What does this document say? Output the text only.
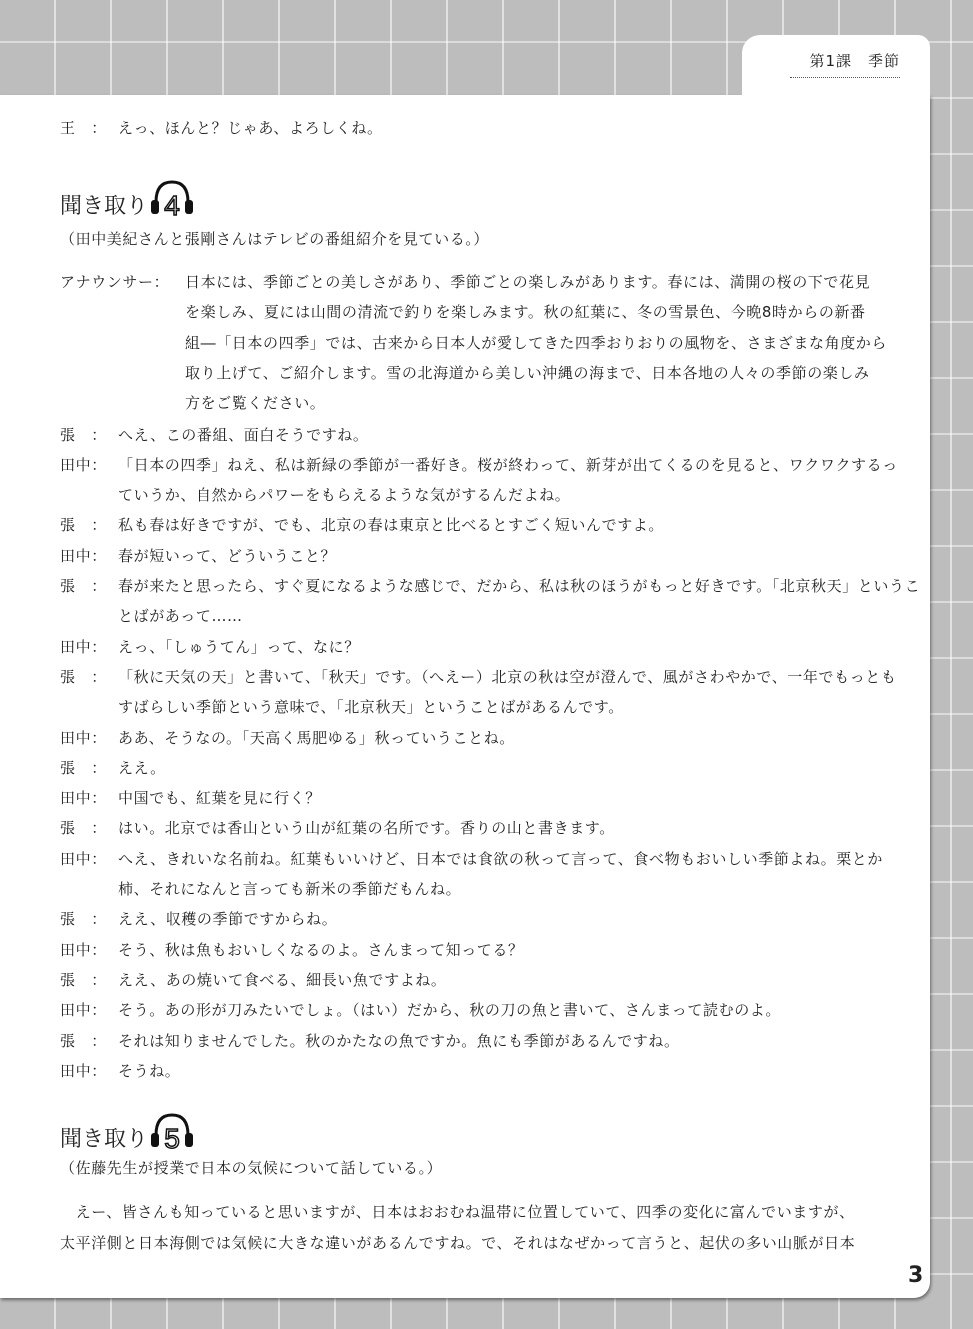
第1課　季節
王　： えっ、ほんと？じゃあ、よろしくね。
聞き取り 4
（田中美紀さんと張剛さんはテレビの番組紹介を見ている。）
アナウンサー： 日本には、季節ごとの美しさがあり、季節ごとの楽しみがあります。春には、満開の桜の下で花見
を楽しみ、夏には山間の清流で釣りを楽しみます。秋の紅葉に、冬の雪景色、今晩8時からの新番
組―「日本の四季」では、古来から日本人が愛してきた四季おりおりの風物を、さまざまな角度から
取り上げて、ご紹介します。雪の北海道から美しい沖縄の海まで、日本各地の人々の季節の楽しみ
方をご覧ください。
張　： へえ、この番組、面白そうですね。
田中： 「日本の四季」ねえ、私は新緑の季節が一番好き。桜が終わって、新芽が出てくるのを見ると、ワクワクするっ
ていうか、自然からパワーをもらえるような気がするんだよね。
張　： 私も春は好きですが、でも、北京の春は東京と比べるとすごく短いんですよ。
田中： 春が短いって、どういうこと？
張　： 春が来たと思ったら、すぐ夏になるような感じで、だから、私は秋のほうがもっと好きです。「北京秋天」というこ
とばがあって……
田中： えっ、「しゅうてん」って、なに？
張　： 「秋に天気の天」と書いて、「秋天」です。（へえー）北京の秋は空が澄んで、風がさわやかで、一年でもっとも
すばらしい季節という意味で、「北京秋天」ということばがあるんです。
田中： ああ、そうなの。「天高く馬肥ゆる」秋っていうことね。
張　： ええ。
田中： 中国でも、紅葉を見に行く？
張　： はい。北京では香山という山が紅葉の名所です。香りの山と書きます。
田中： へえ、きれいな名前ね。紅葉もいいけど、日本では食欲の秋って言って、食べ物もおいしい季節よね。栗とか
柿、それになんと言っても新米の季節だもんね。
張　： ええ、収穫の季節ですからね。
田中： そう、秋は魚もおいしくなるのよ。さんまって知ってる？
張　： ええ、あの焼いて食べる、細長い魚ですよね。
田中： そう。あの形が刀みたいでしょ。（はい）だから、秋の刀の魚と書いて、さんまって読むのよ。
張　： それは知りませんでした。秋のかたなの魚ですか。魚にも季節があるんですね。
田中： そうね。
聞き取り 5
（佐藤先生が授業で日本の気候について話している。）
　えー、皆さんも知っていると思いますが、日本はおおむね温帯に位置していて、四季の変化に富んでいますが、
太平洋側と日本海側では気候に大きな違いがあるんですね。で、それはなぜかって言うと、起伏の多い山脈が日本
3
